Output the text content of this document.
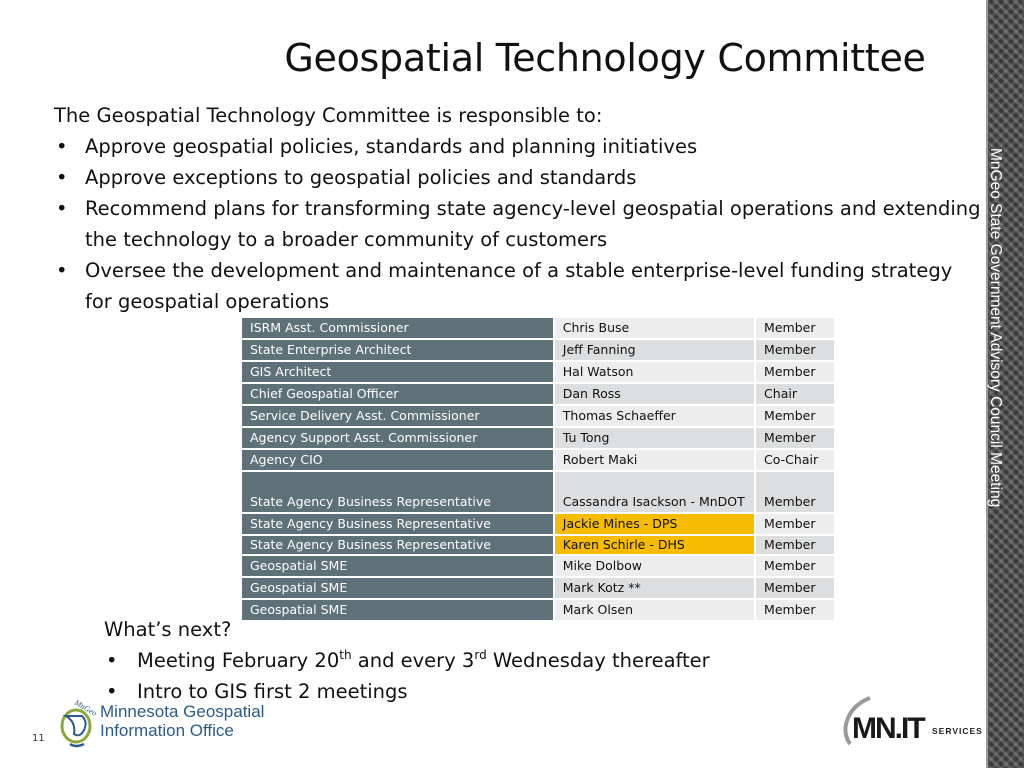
Geospatial Technology Committee
The Geospatial Technology Committee is responsible to:
• Approve geospatial policies, standards and planning initiatives
• Approve exceptions to geospatial policies and standards
• Recommend plans for transforming state agency-level geospatial operations and extending the technology to a broader community of customers
• Oversee the development and maintenance of a stable enterprise-level funding strategy for geospatial operations
ISRM Asst. Commissioner	Chris Buse	Member
State Enterprise Architect	Jeff Fanning	Member
GIS Architect	Hal Watson	Member
Chief Geospatial Officer	Dan Ross	Chair
Service Delivery Asst. Commissioner	Thomas Schaeffer	Member
Agency Support Asst. Commissioner	Tu Tong	Member
Agency CIO	Robert Maki	Co-Chair
State Agency Business Representative	Cassandra Isackson - MnDOT	Member
State Agency Business Representative	Jackie Mines - DPS	Member
State Agency Business Representative	Karen Schirle - DHS	Member
Geospatial SME	Mike Dolbow	Member
Geospatial SME	Mark Kotz **	Member
Geospatial SME	Mark Olsen	Member
What’s next?
• Meeting February 20th and every 3rd Wednesday thereafter
• Intro to GIS first 2 meetings
MnGeo State Government Advisory Council Meeting
MnGeo Minnesota Geospatial
Information Office
11	MN.IT SERVICES
